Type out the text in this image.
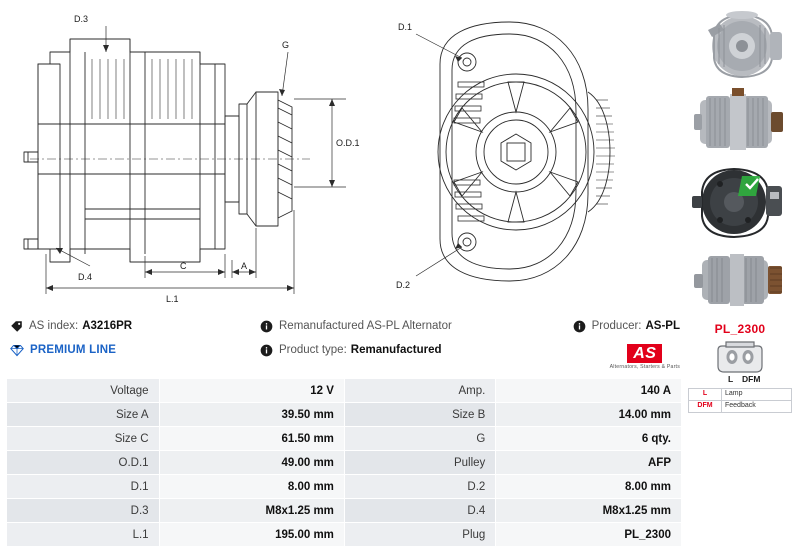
D.3
G
O.D.1
D.4
C	A
L.1
D.1
D.2
PL_2300
L DFM
L	Lamp
DFM	Feedback
AS index: A3216PR	Remanufactured AS-PL Alternator	Producer: AS-PL
PREMIUM LINE	Product type: Remanufactured	AS
Alternators, Starters & Parts
Voltage	12 V	Amp.	140 A
Size A	39.50 mm	Size B	14.00 mm
Size C	61.50 mm	G	6 qty.
O.D.1	49.00 mm	Pulley	AFP
D.1	8.00 mm	D.2	8.00 mm
D.3	M8x1.25 mm	D.4	M8x1.25 mm
L.1	195.00 mm	Plug	PL_2300
